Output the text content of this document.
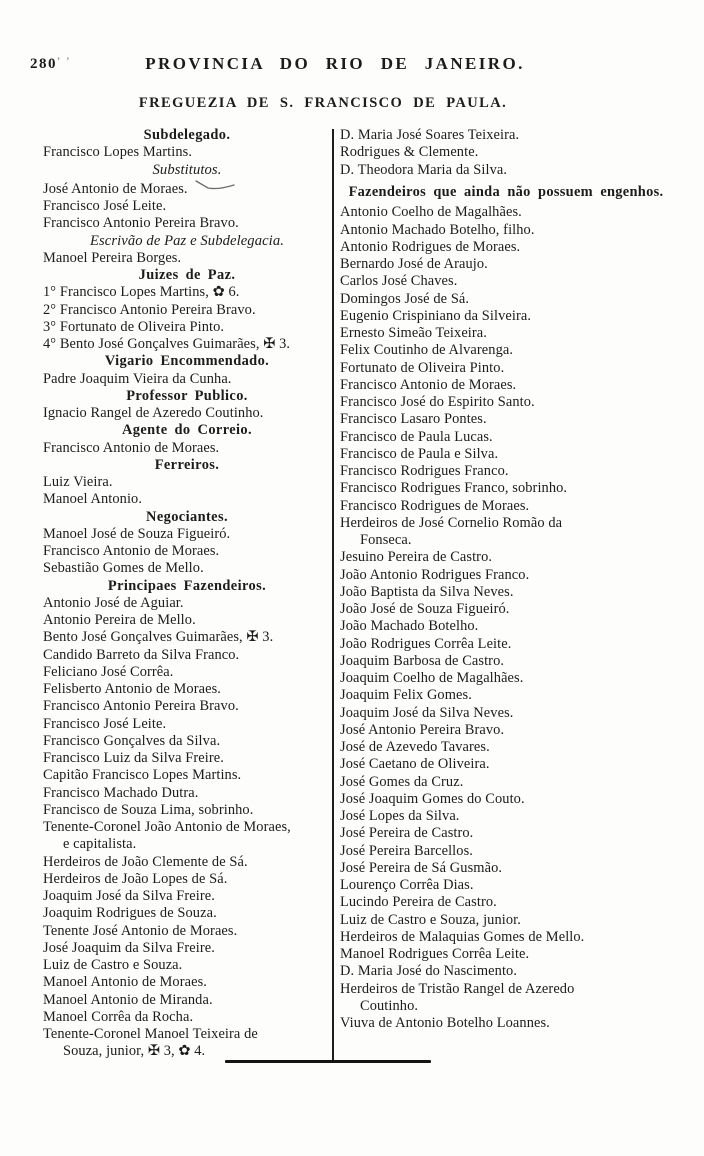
$280^{ʼ ʼ}$	PROVINCIA DO RIO DE JANEIRO.
FREGUEZIA DE S. FRANCISCO DE PAULA.
Subdelegado.
Francisco Lopes Martins.
Substitutos.
José Antonio de Moraes.
Francisco José Leite.
Francisco Antonio Pereira Bravo.
Escrivão de Paz e Subdelegacia.
Manoel Pereira Borges.
Juizes de Paz.
1° Francisco Lopes Martins, ✿ 6.
2° Francisco Antonio Pereira Bravo.
3° Fortunato de Oliveira Pinto.
4° Bento José Gonçalves Guimarães, ✠ 3.
Vigario Encommendado.
Padre Joaquim Vieira da Cunha.
Professor Publico.
Ignacio Rangel de Azeredo Coutinho.
Agente do Correio.
Francisco Antonio de Moraes.
Ferreiros.
Luiz Vieira.
Manoel Antonio.
Negociantes.
Manoel José de Souza Figueiró.
Francisco Antonio de Moraes.
Sebastião Gomes de Mello.
Principaes Fazendeiros.
Antonio José de Aguiar.
Antonio Pereira de Mello.
Bento José Gonçalves Guimarães, ✠ 3.
Candido Barreto da Silva Franco.
Feliciano José Corrêa.
Felisberto Antonio de Moraes.
Francisco Antonio Pereira Bravo.
Francisco José Leite.
Francisco Gonçalves da Silva.
Francisco Luiz da Silva Freire.
Capitão Francisco Lopes Martins.
Francisco Machado Dutra.
Francisco de Souza Lima, sobrinho.
Tenente-Coronel João Antonio de Moraes,
e capitalista.
Herdeiros de João Clemente de Sá.
Herdeiros de João Lopes de Sá.
Joaquim José da Silva Freire.
Joaquim Rodrigues de Souza.
Tenente José Antonio de Moraes.
José Joaquim da Silva Freire.
Luiz de Castro e Souza.
Manoel Antonio de Moraes.
Manoel Antonio de Miranda.
Manoel Corrêa da Rocha.
Tenente-Coronel Manoel Teixeira de
Souza, junior, ✠ 3, ✿ 4.
D. Maria José Soares Teixeira.
Rodrigues & Clemente.
D. Theodora Maria da Silva.
Fazendeiros que ainda não possuem engenhos.
Antonio Coelho de Magalhães.
Antonio Machado Botelho, filho.
Antonio Rodrigues de Moraes.
Bernardo José de Araujo.
Carlos José Chaves.
Domingos José de Sá.
Eugenio Crispiniano da Silveira.
Ernesto Simeão Teixeira.
Felix Coutinho de Alvarenga.
Fortunato de Oliveira Pinto.
Francisco Antonio de Moraes.
Francisco José do Espirito Santo.
Francisco Lasaro Pontes.
Francisco de Paula Lucas.
Francisco de Paula e Silva.
Francisco Rodrigues Franco.
Francisco Rodrigues Franco, sobrinho.
Francisco Rodrigues de Moraes.
Herdeiros de José Cornelio Romão da
Fonseca.
Jesuino Pereira de Castro.
João Antonio Rodrigues Franco.
João Baptista da Silva Neves.
João José de Souza Figueiró.
João Machado Botelho.
João Rodrigues Corrêa Leite.
Joaquim Barbosa de Castro.
Joaquim Coelho de Magalhães.
Joaquim Felix Gomes.
Joaquim José da Silva Neves.
José Antonio Pereira Bravo.
José de Azevedo Tavares.
José Caetano de Oliveira.
José Gomes da Cruz.
José Joaquim Gomes do Couto.
José Lopes da Silva.
José Pereira de Castro.
José Pereira Barcellos.
José Pereira de Sá Gusmão.
Lourenço Corrêa Dias.
Lucindo Pereira de Castro.
Luiz de Castro e Souza, junior.
Herdeiros de Malaquias Gomes de Mello.
Manoel Rodrigues Corrêa Leite.
D. Maria José do Nascimento.
Herdeiros de Tristão Rangel de Azeredo
Coutinho.
Viuva de Antonio Botelho Loannes.
